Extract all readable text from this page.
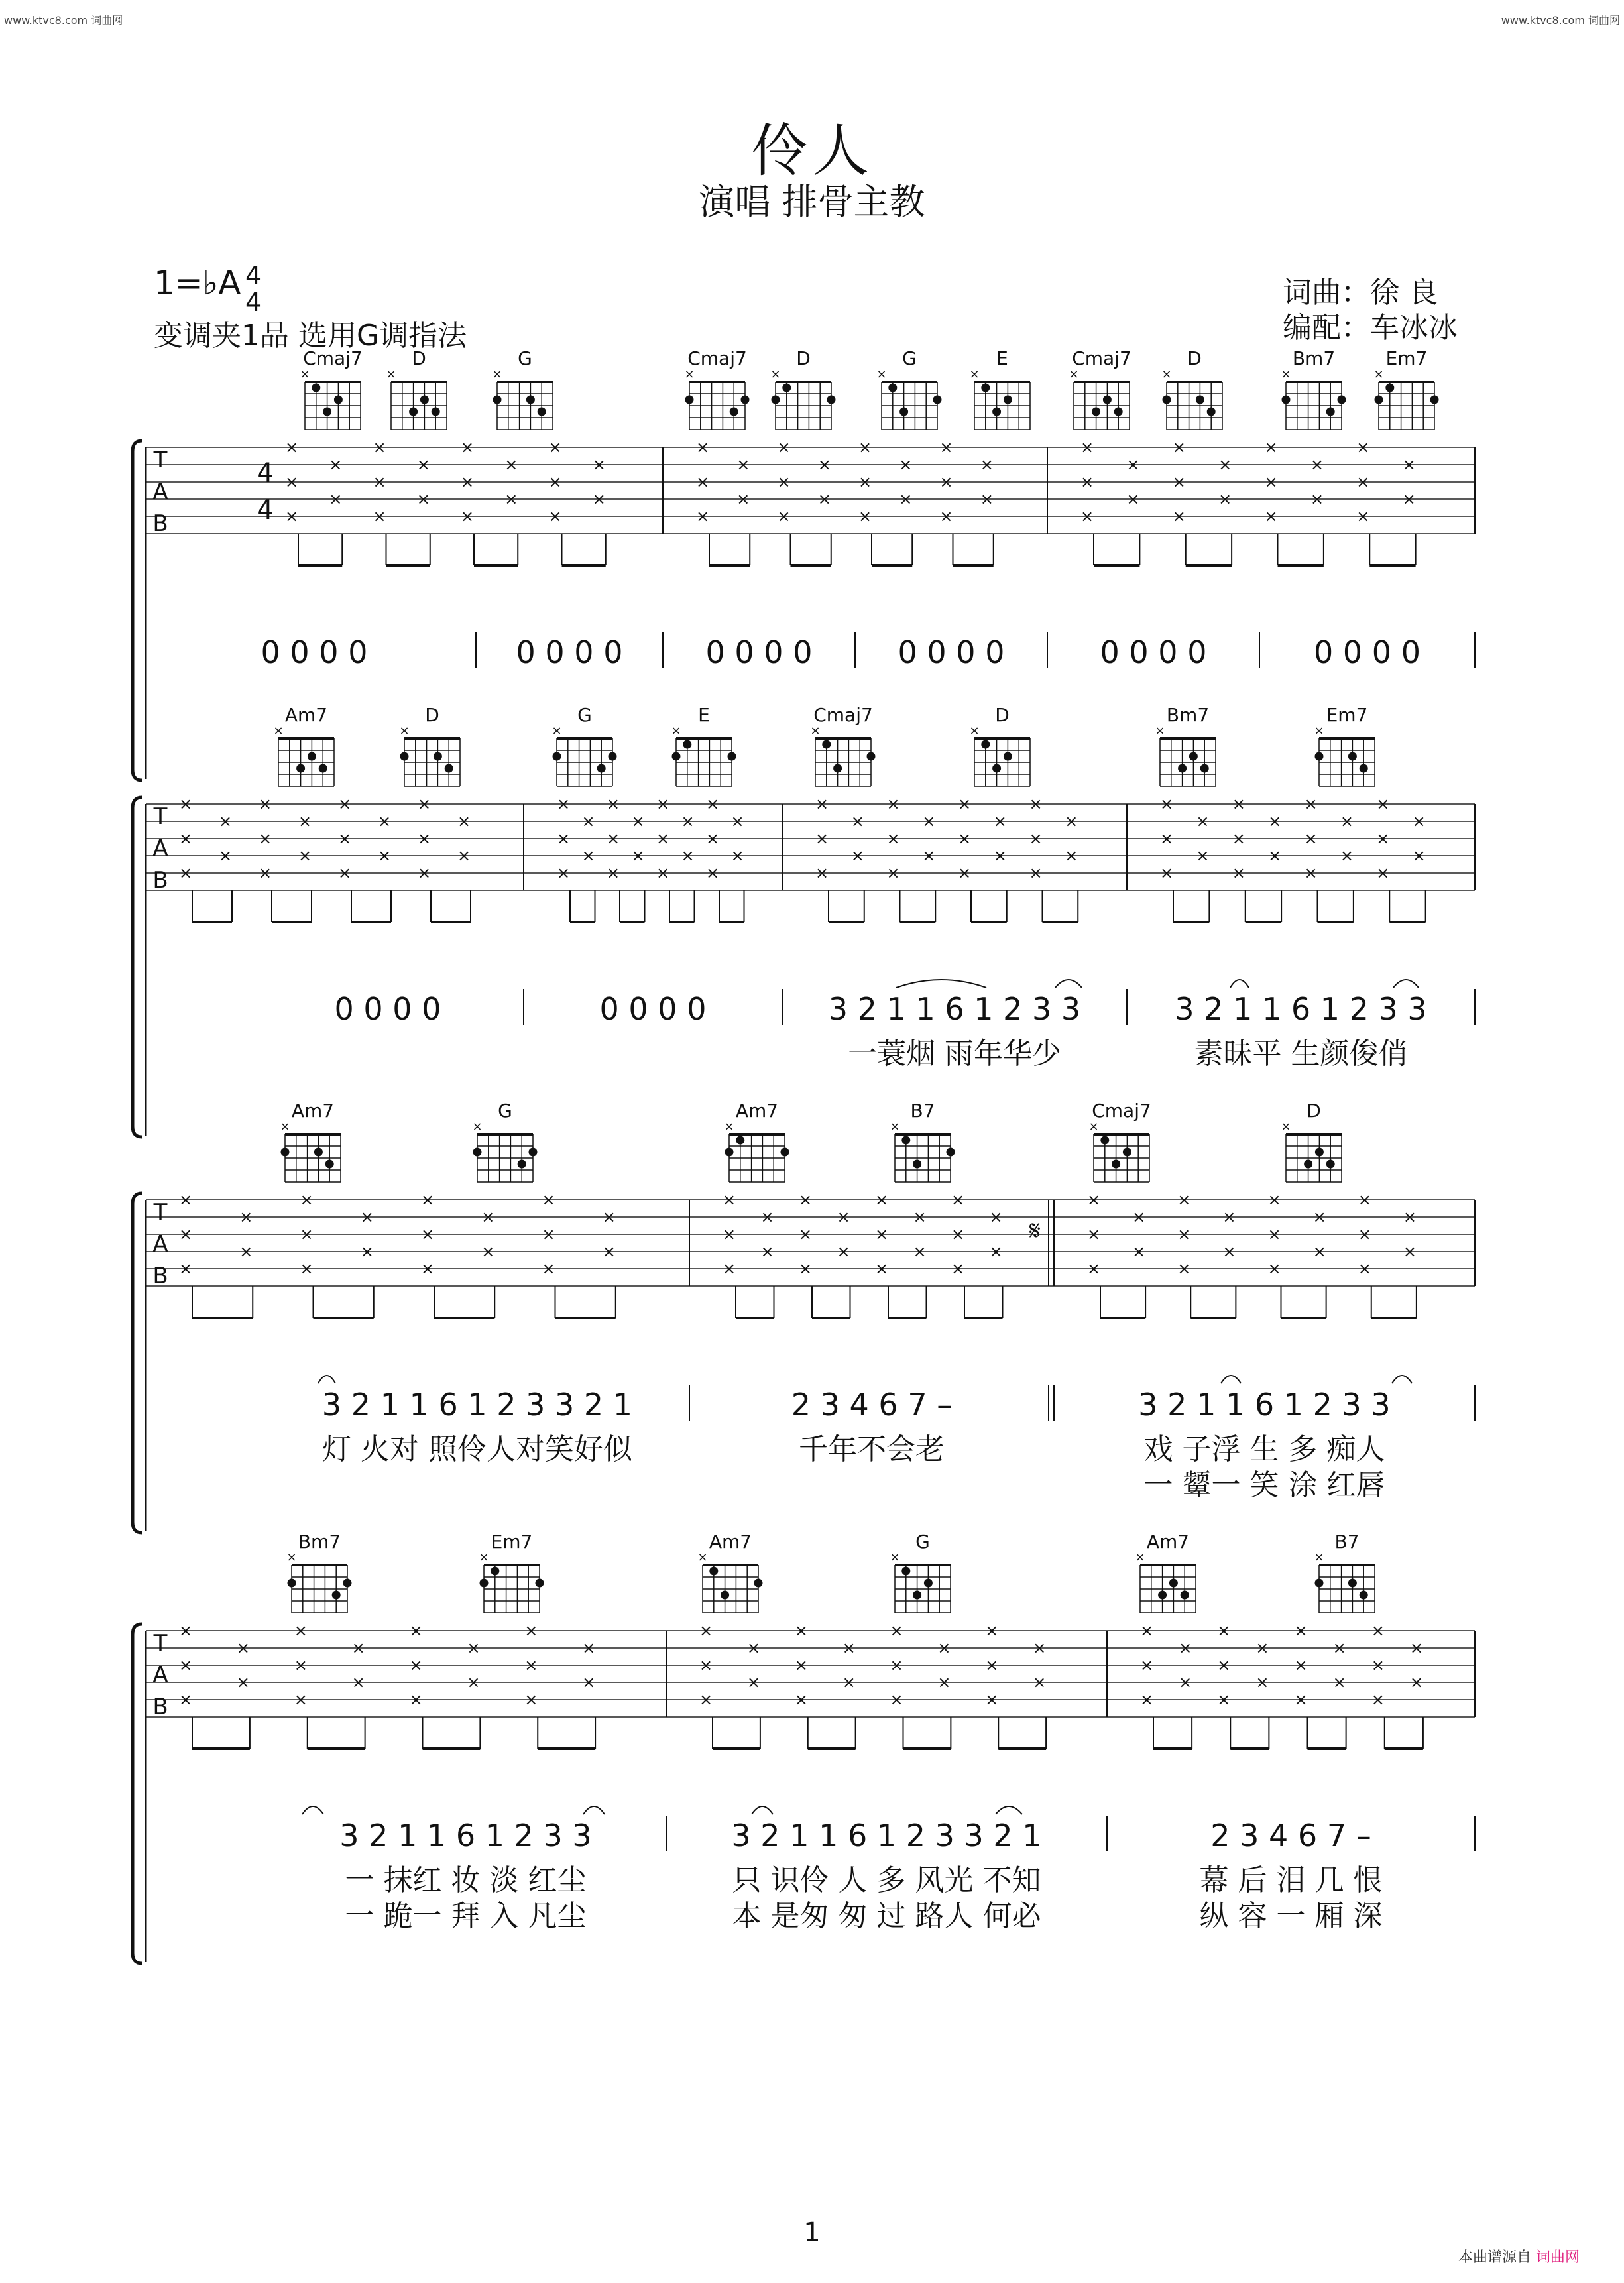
www.ktvc8.com 词曲网	www.ktvc8.com 词曲网
伶人
演唱 排骨主教
1=♭A 4
4
变调夹1品 选用G调指法
词曲：徐 良
编配：车冰冰
T
A
B
4
4
×
×
×
×
×
×
×
×
×
×
×
×
×
×
×
×
×
×
×
×
×
×
×
×
×
×
×
×
×
×
×
×
×
×
×
×
×
×
×
×
×
×
×
×
×
×
×
×
×
×
×
×
×
×
×
×
×
×
×
×
0 0 0 0	0 0 0 0	0 0 0 0	0 0 0 0	0 0 0 0	0 0 0 0
Cmaj7
×
D
×
G
×
Cmaj7
×
D
×
G
×
E
×
Cmaj7
×
D
×
Bm7
×
Em7
×
T
A
B
×
×
×
×
×
×
×
×
×
×
×
×
×
×
×
×
×
×
×
×
×
×
×
×
×
×
×
×
×
×
×
×
×
×
×
×
×
×
×
×
×
×
×
×
×
×
×
×
×
×
×
×
×
×
×
×
×
×
×
×
×
×
×
×
×
×
×
×
×
×
×
×
×
×
×
×
×
×
×
×
0 0 0 0	0 0 0 0	3 2 1 1 6 1 2 3 3	3 2 1 1 6 1 2 3 3
一蓑烟 雨年华少	素昧平 生颜俊俏
Am7
×
D
×
G
×
E
×
Cmaj7
×
D
×
Bm7
×
Em7
×
T
A
B
𝄋
×
×
×
×
×
×
×
×
×
×
×
×
×
×
×
×
×
×
×
×
×
×
×
×
×
×
×
×
×
×
×
×
×
×
×
×
×
×
×
×
×
×
×
×
×
×
×
×
×
×
×
×
×
×
×
×
×
×
×
×
3 2 1 1 6 1 2 3 3 2 1	2 3 4 6 7 –	3 2 1 1 6 1 2 3 3
灯 火对 照伶人对笑好似	千年不会老	戏 子浮 生 多 痴人
一 颦一 笑 涂 红唇
Am7
×
G
×
Am7
×
B7
×
Cmaj7
×
D
×
T
A
B
×
×
×
×
×
×
×
×
×
×
×
×
×
×
×
×
×
×
×
×
×
×
×
×
×
×
×
×
×
×
×
×
×
×
×
×
×
×
×
×
×
×
×
×
×
×
×
×
×
×
×
×
×
×
×
×
×
×
×
×
3 2 1 1 6 1 2 3 3	3 2 1 1 6 1 2 3 3 2 1	2 3 4 6 7 –
一 抹红 妆 淡 红尘	只 识伶 人 多 风光 不知	幕 后 泪 几 恨
一 跪一 拜 入 凡尘	本 是匆 匆 过 路人 何必	纵 容 一 厢 深
Bm7
×
Em7
×
Am7
×
G
×
Am7
×
B7
×
1
本曲谱源自 词曲网
